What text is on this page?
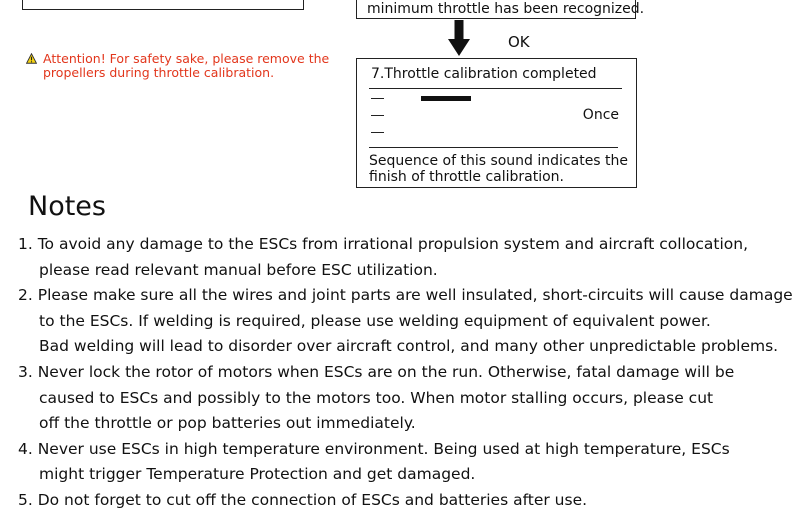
minimum throttle has been recognized.
OK
Attention! For safety sake, please remove the
propellers during throttle calibration.	7.Throttle calibration completed
Once
Sequence of this sound indicates the
finish of throttle calibration.
Notes
1. To avoid any damage to the ESCs from irrational propulsion system and aircraft collocation,
please read relevant manual before ESC utilization.
2. Please make sure all the wires and joint parts are well insulated, short-circuits will cause damage
to the ESCs. If welding is required, please use welding equipment of equivalent power.
Bad welding will lead to disorder over aircraft control, and many other unpredictable problems.
3. Never lock the rotor of motors when ESCs are on the run. Otherwise, fatal damage will be
caused to ESCs and possibly to the motors too. When motor stalling occurs, please cut
off the throttle or pop batteries out immediately.
4. Never use ESCs in high temperature environment. Being used at high temperature, ESCs
might trigger Temperature Protection and get damaged.
5. Do not forget to cut off the connection of ESCs and batteries after use.
